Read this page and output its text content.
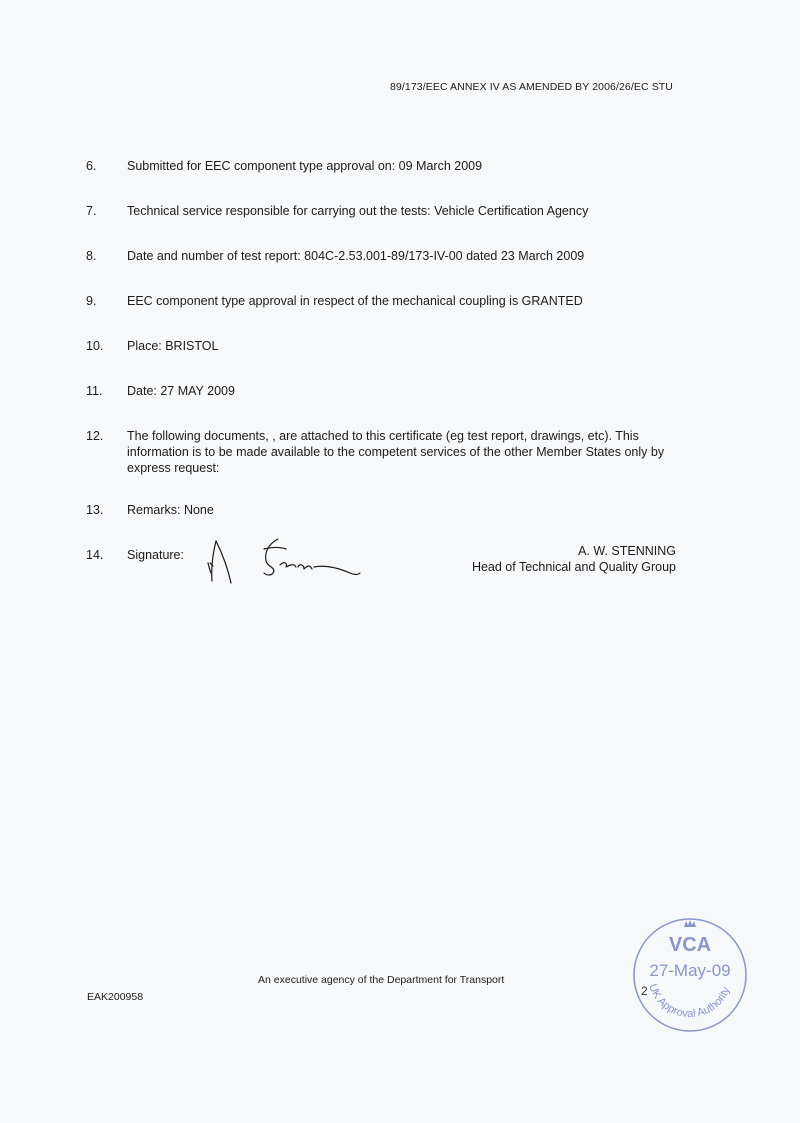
89/173/EEC ANNEX IV AS AMENDED BY 2006/26/EC STU
6.	Submitted for EEC component type approval on: 09 March 2009
7.	Technical service responsible for carrying out the tests: Vehicle Certification Agency
8.	Date and number of test report: 804C-2.53.001-89/173-IV-00 dated 23 March 2009
9.	EEC component type approval in respect of the mechanical coupling is GRANTED
10.	Place: BRISTOL
11.	Date: 27 MAY 2009
12.	The following documents, , are attached to this certificate (eg test report, drawings, etc). This information is to be made available to the competent services of the other Member States only by express request:
13.	Remarks: None
14.	Signature:	A. W. STENNING
Head of Technical and Quality Group
An executive agency of the Department for Transport
EAK200958
VCA
27-May-09
UK Approval Authority
2
